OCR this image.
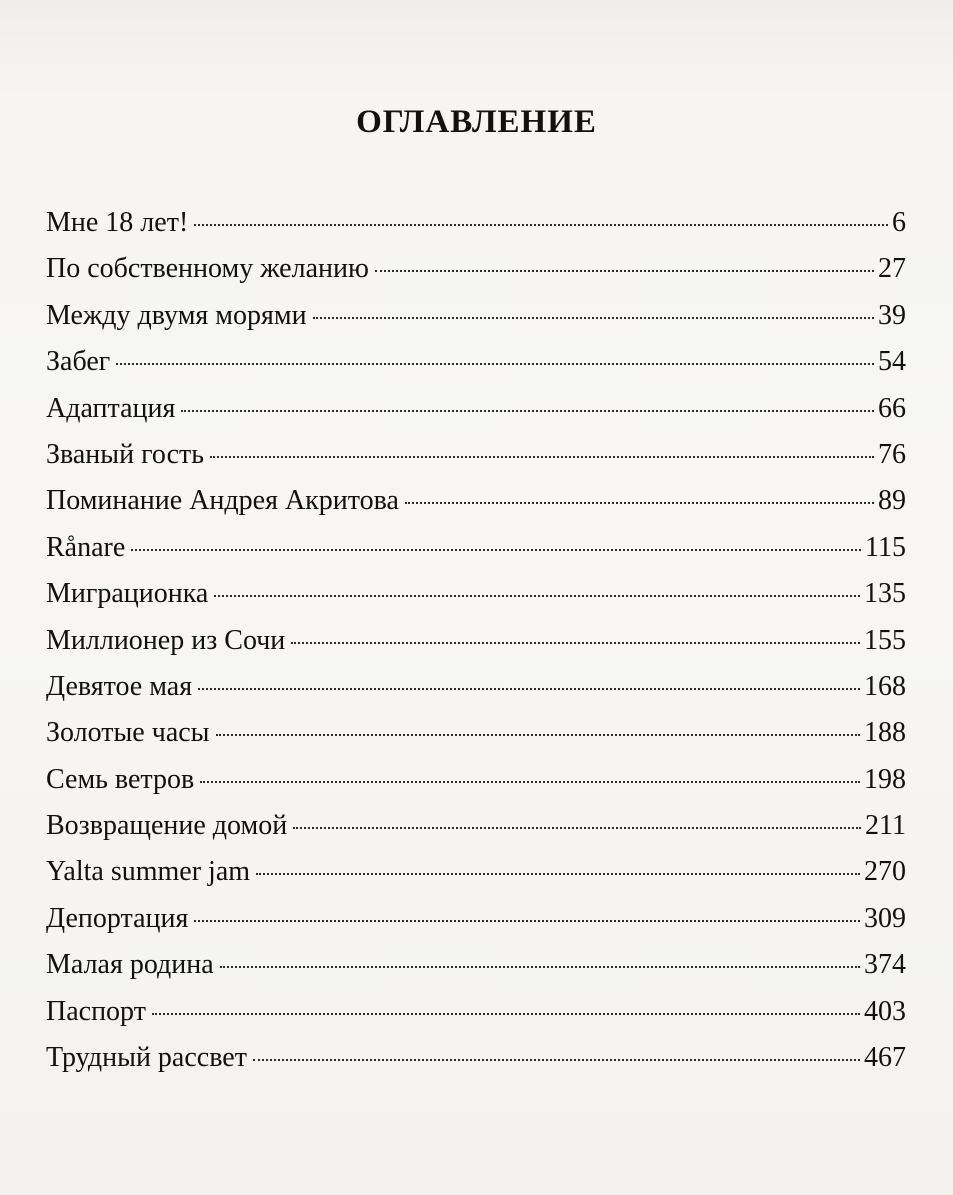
ОГЛАВЛЕНИЕ
Мне 18 лет!	6
По собственному желанию	27
Между двумя морями	39
Забег	54
Адаптация	66
Званый гость	76
Поминание Андрея Акритова	89
Rånare	115
Миграционка	135
Миллионер из Сочи	155
Девятое мая	168
Золотые часы	188
Семь ветров	198
Возвращение домой	211
Yalta summer jam	270
Депортация	309
Малая родина	374
Паспорт	403
Трудный рассвет	467
